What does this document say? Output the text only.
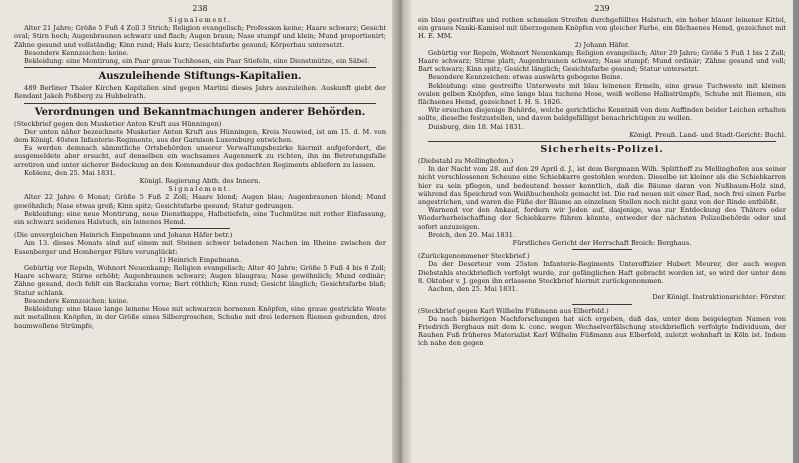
238
Signalement.
Alter 21 Jahre; Größe 5 Fuß 4 Zoll 3 Strich; Religion evangelisch; Profession keine; Haare schwarz; Gesicht oval; Stirn hoch; Augenbraunen schwarz und flach; Augen braun; Nase stumpf und klein; Mund proportionirt; Zähne gesund und vollständig; Kinn rund; Hals kurz; Gesichtsfarbe gesund; Körperbau untersetzt.
Besondere Kennzeichen: keine.
Bekleidung: eine Montirung, ein Paar graue Tuchhosen, ein Paar Stiefeln, eine Dienstmütze, ein Säbel.
Auszuleihende Stiftungs-Kapitalien.
489 Berliner Thaler Kirchen Kapitalien sind gegen Martini dieses Jahrs auszuleihen. Auskunft giebt der Rendant Jakob Poßberg zu Hubbelrath.
Verordnungen und Bekanntmachungen anderer Behörden.
(Steckbrief gegen den Musketier Anton Kruft aus Hünningen)
Der unten näher bezeichnete Musketier Anton Kruft aus Hünningen, Kreis Neuwied, ist am 15. d. M. von dem Königl. 40sten Infanterie-Regimente, aus der Garnison Luxemburg entwichen.
Es werden demnach sämmtliche Ortsbehörden unserer Verwaltungsbezirke hiermit aufgefordert, die ausgemeldete aber ersucht, auf denselben ein wachsames Augenmerk zu richten, ihn im Betretungsfalle arretiren und unter sicherer Bedeckung an den Kommandeur des gedachten Regiments abliefern zu lassen.
Koblenz, den 25. Mai 1831.
Königl. Regierung Abth. des Innern.
Signalement.
Alter 22 Jahre 6 Monat; Größe 5 Fuß 2 Zoll; Haare blond; Augen blau; Augenbraunen blond; Mund gewöhnlich; Nase etwas groß; Kinn spitz; Gesichtsfarbe gesund; Statur gedrungen.
Bekleidung: eine neue Montirung, neue Dienstkappe, Halbstiefeln, eine Tuchmütze mit rother Einfassung, ein schwarz seidenes Halstuch, ein leinenes Hemd.
(Die unvergleichen Heinrich Empelmann und Johann Häfer betr.)
Am 13. dieses Monats sind auf einem mit Steinen schwer beladenen Nachen im Rheine zwischen der Essenberger und Homberger Fähre verunglückt:
1) Heinrich Empelmann.
Gebürtig vor Repeln, Wohnort Neuenkamp; Religion evangelisch; Alter 40 Jahre; Größe 5 Fuß 4 bis 6 Zoll; Haare schwarz; Stirne erhöht; Augenbraunen schwarz; Augen blaugrau; Nase gewöhnlich; Mund ordinär; Zähne gesund, doch fehlt ein Backzahn vorne; Bart röthlich; Kinn rund; Gesicht länglich; Gesichtsfarbe blaß; Statur schlank.
Besondere Kennzeichen: keine.
Bekleidung: eine blaue lange leinene Hose mit schwarzen hornenen Knöpfen, eine graue gestrickte Weste mit metallnen Knöpfen, in der Größe eines Silbergroschen, Schuhe mit drei ledernen Riemen gebunden, drei baumwollene Strümpfe,
239
ein blau gestreiftes und rothen schmalen Streifen durchgefölltes Halstuch, ein hoher blauer leinener Kittel, ein graues Nanki-Kamisol mit überzogenen Knöpfen von gleicher Farbe, ein flächsenes Hemd, gezeichnet mit H. E. MM.
2) Johann Häfer.
Gebürtig vor Repeln, Wohnort Neuenkamp; Religion evangelisch; Alter 29 Jahre; Größe 5 Fuß 1 bis 2 Zoll; Haare schwarz; Stirne platt; Augenbraunen schwarz; Nase stumpf; Mund ordinär; Zähne gesund und voll; Bart schwarz; Kinn spitz; Gesicht länglich; Gesichtsfarbe gesund; Statur untersetzt.
Besondere Kennzeichen: etwas auswärts gebogene Beine.
Bekleidung: eine gestreifte Unterweste mit blau leinenen Ermeln, eine graue Tuchweste mit kleinen ovalen gelben Knöpfen, eine lange blau tuchene Hose, weiß wollene Halbstrümpfe, Schuhe mit Riemen, ein flächsenes Hemd, gezeichnet I. H. S. 1826.
Wir ersuchen diejenige Behörde, welche gerichtliche Kenntniß von dem Auffinden beider Leichen erhalten sollte, dieselbe festzustellen, und davon baldgefälligst benachrichtigen zu wollen.
Duisburg, den 18. Mai 1831.
Königl. Preuß. Land- und Stadt-Gericht: Buchl.
Sicherheits-Polizei.
(Diebstahl zu Mellinghofen.)
In der Nacht vom 28. auf den 29 April d. J., ist dem Bergmann Wilh. Splitthoff zu Mellinghofen aus seiner nicht verschlossenen Scheune eine Schiebkarre gestohlen worden. Dieselbe ist kleiner als die Schiebkarren hier zu sein pflegen, und bedeutend besser kenntlich, daß die Bäume daran von Nußbaum-Holz sind, während das Speichrad von Weißbuchenholz gemacht ist. Die rad neuen mit einer Rad, noch frei einen Farbe angestrichen, und waren die Füße der Bäume an einzelnen Stellen noch nicht ganz von der Rinde entblößt.
Warnend vor den Ankauf, fordern wir Jeden auf, dasjenige, was zur Entdeckung des Thäters oder Wiederherbeischaffung der Schiebkarre führen könnte, entweder der nächsten Polizeibehörde oder und sofort anzuzeigen.
Broich, den 20. Mai 1831.
Fürstliches Gericht der Herrschaft Broich: Berghaus.
(Zurückgenommener Steckbrief.)
Da der Deserteur vom 25sten Infanterie-Regiments Unteroffizier Hubert Meurer, der auch wegen Diebstahls steckbrieflich verfolgt wurde, zur gefänglichen Haft gebracht worden ist, so wird der unter dem 8. Oktober v. J. gegen ihn erlassene Steckbrief hiermit zurückgenommen.
Aachen, den 25. Mai 1831.
Der Königl. Instruktionsrichter: Förster.
(Steckbrief gegen Karl Wilhelm Füßmann aus Elberfeld.)
Da nach bisherigen Nachforschungen hat sich ergeben, daß das, unter dem beigelegten Namen von Friedrich Berghaus mit dem k. conc. wegen Wechselverfälschung steckbrieflich verfolgte Individuum, der Rauhen Fuß früheres Materialist Karl Wilhelm Füßmann aus Elberfeld, zuletzt wohnhaft in Köln ist. Indem ich nahe den gegen
